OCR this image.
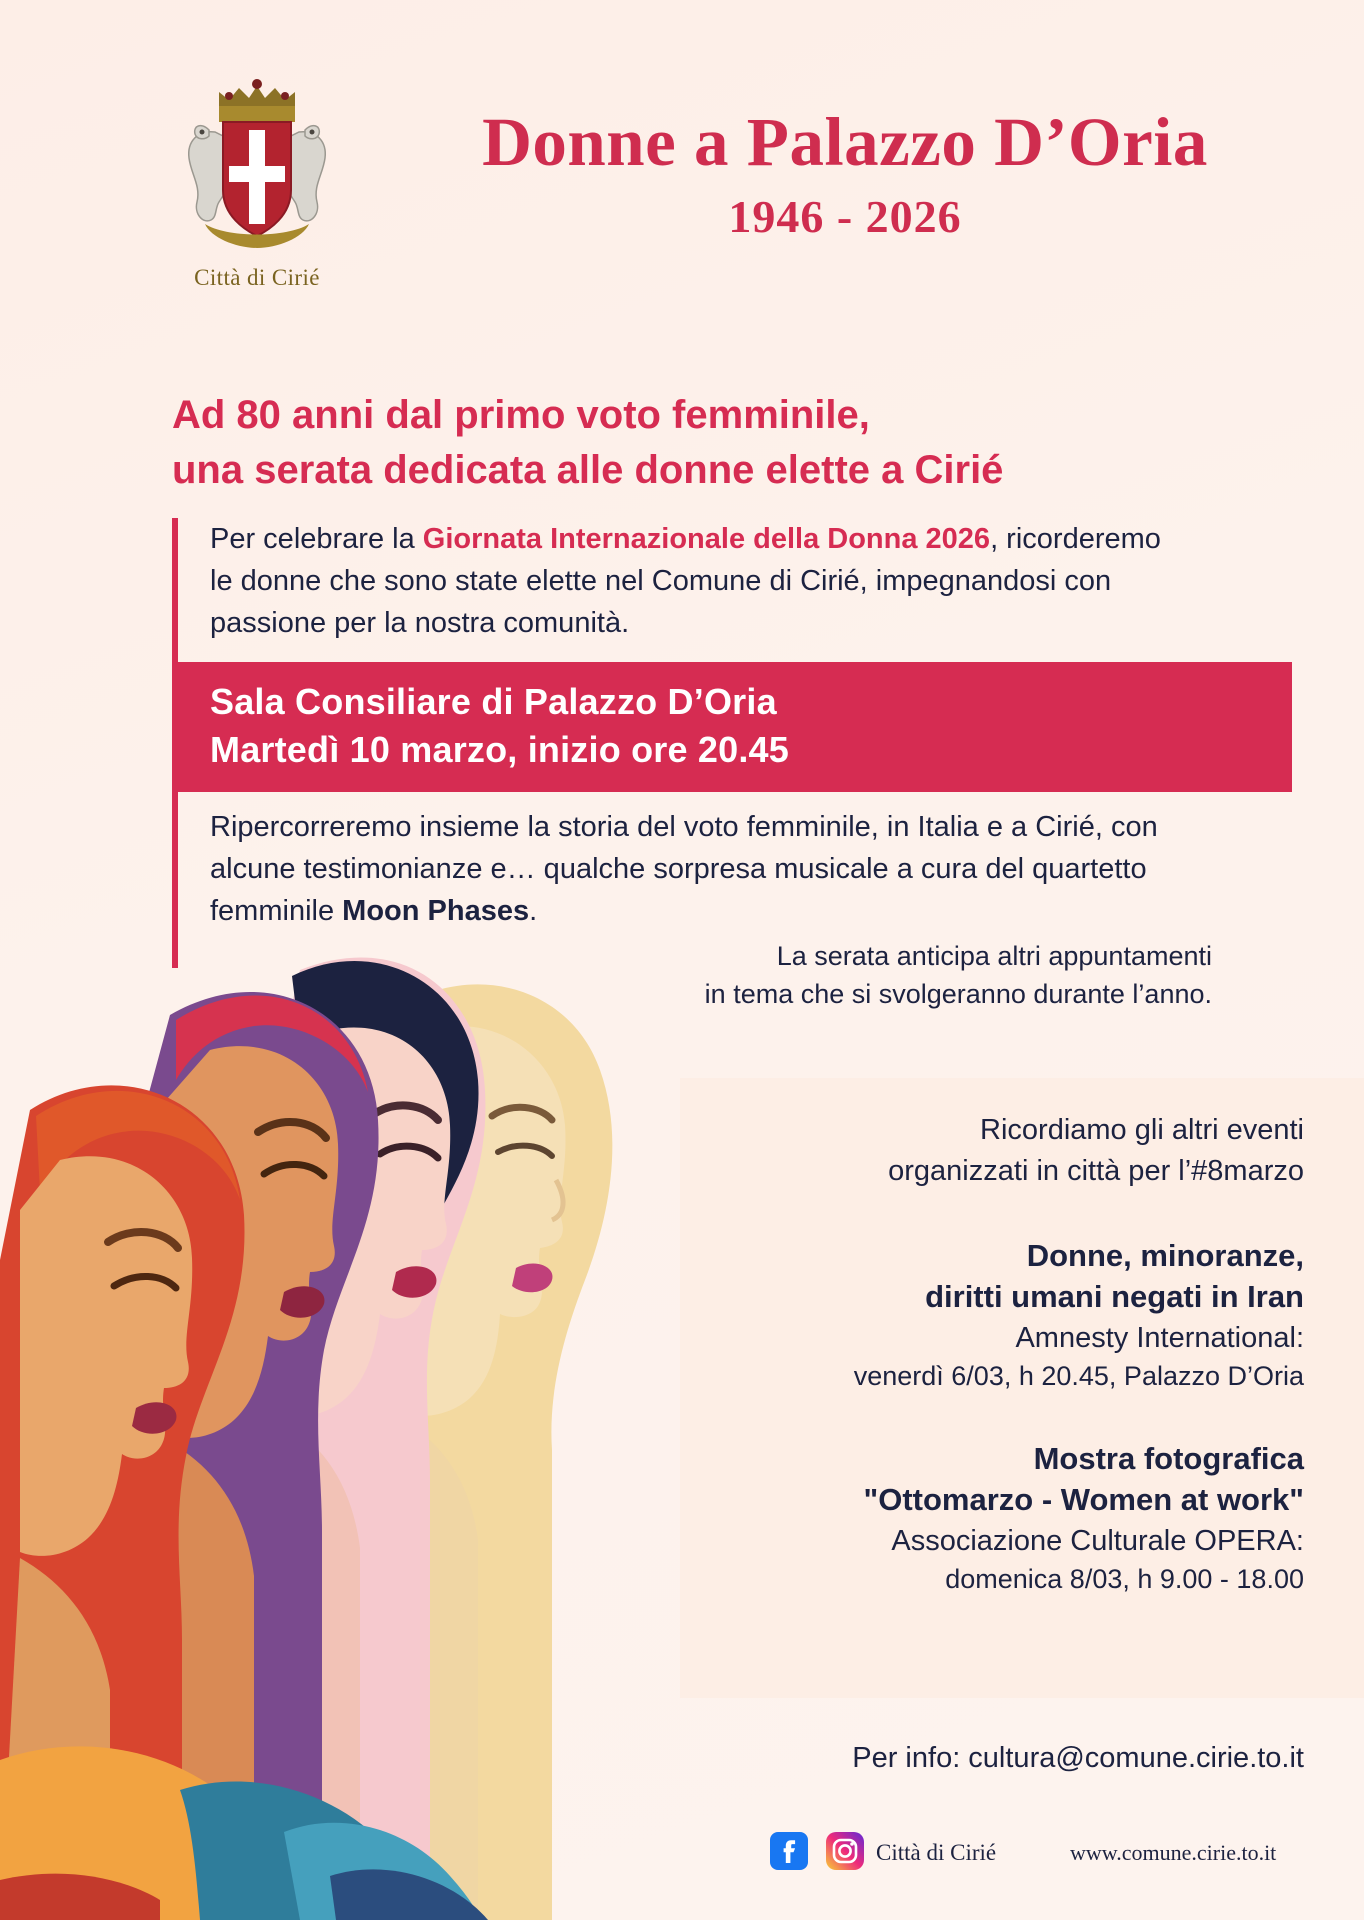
Città di Cirié
Donne a Palazzo D’Oria
1946 - 2026
Ad 80 anni dal primo voto femminile,
una serata dedicata alle donne elette a Cirié
Per celebrare la Giornata Internazionale della Donna 2026, ricorderemo le donne che sono state elette nel Comune di Cirié, impegnandosi con passione per la nostra comunità.
Sala Consiliare di Palazzo D’Oria
Martedì 10 marzo, inizio ore 20.45
Ripercorreremo insieme la storia del voto femminile, in Italia e a Cirié, con alcune testimonianze e… qualche sorpresa musicale a cura del quartetto femminile Moon Phases.
La serata anticipa altri appuntamenti
in tema che si svolgeranno durante l’anno.
Ricordiamo gli altri eventi
organizzati in città per l’#8marzo
Donne, minoranze,
diritti umani negati in Iran
Amnesty International:
venerdì 6/03, h 20.45, Palazzo D’Oria
Mostra fotografica
"Ottomarzo - Women at work"
Associazione Culturale OPERA:
domenica 8/03, h 9.00 - 18.00
Per info: cultura@comune.cirie.to.it
Città di Cirié	www.comune.cirie.to.it
